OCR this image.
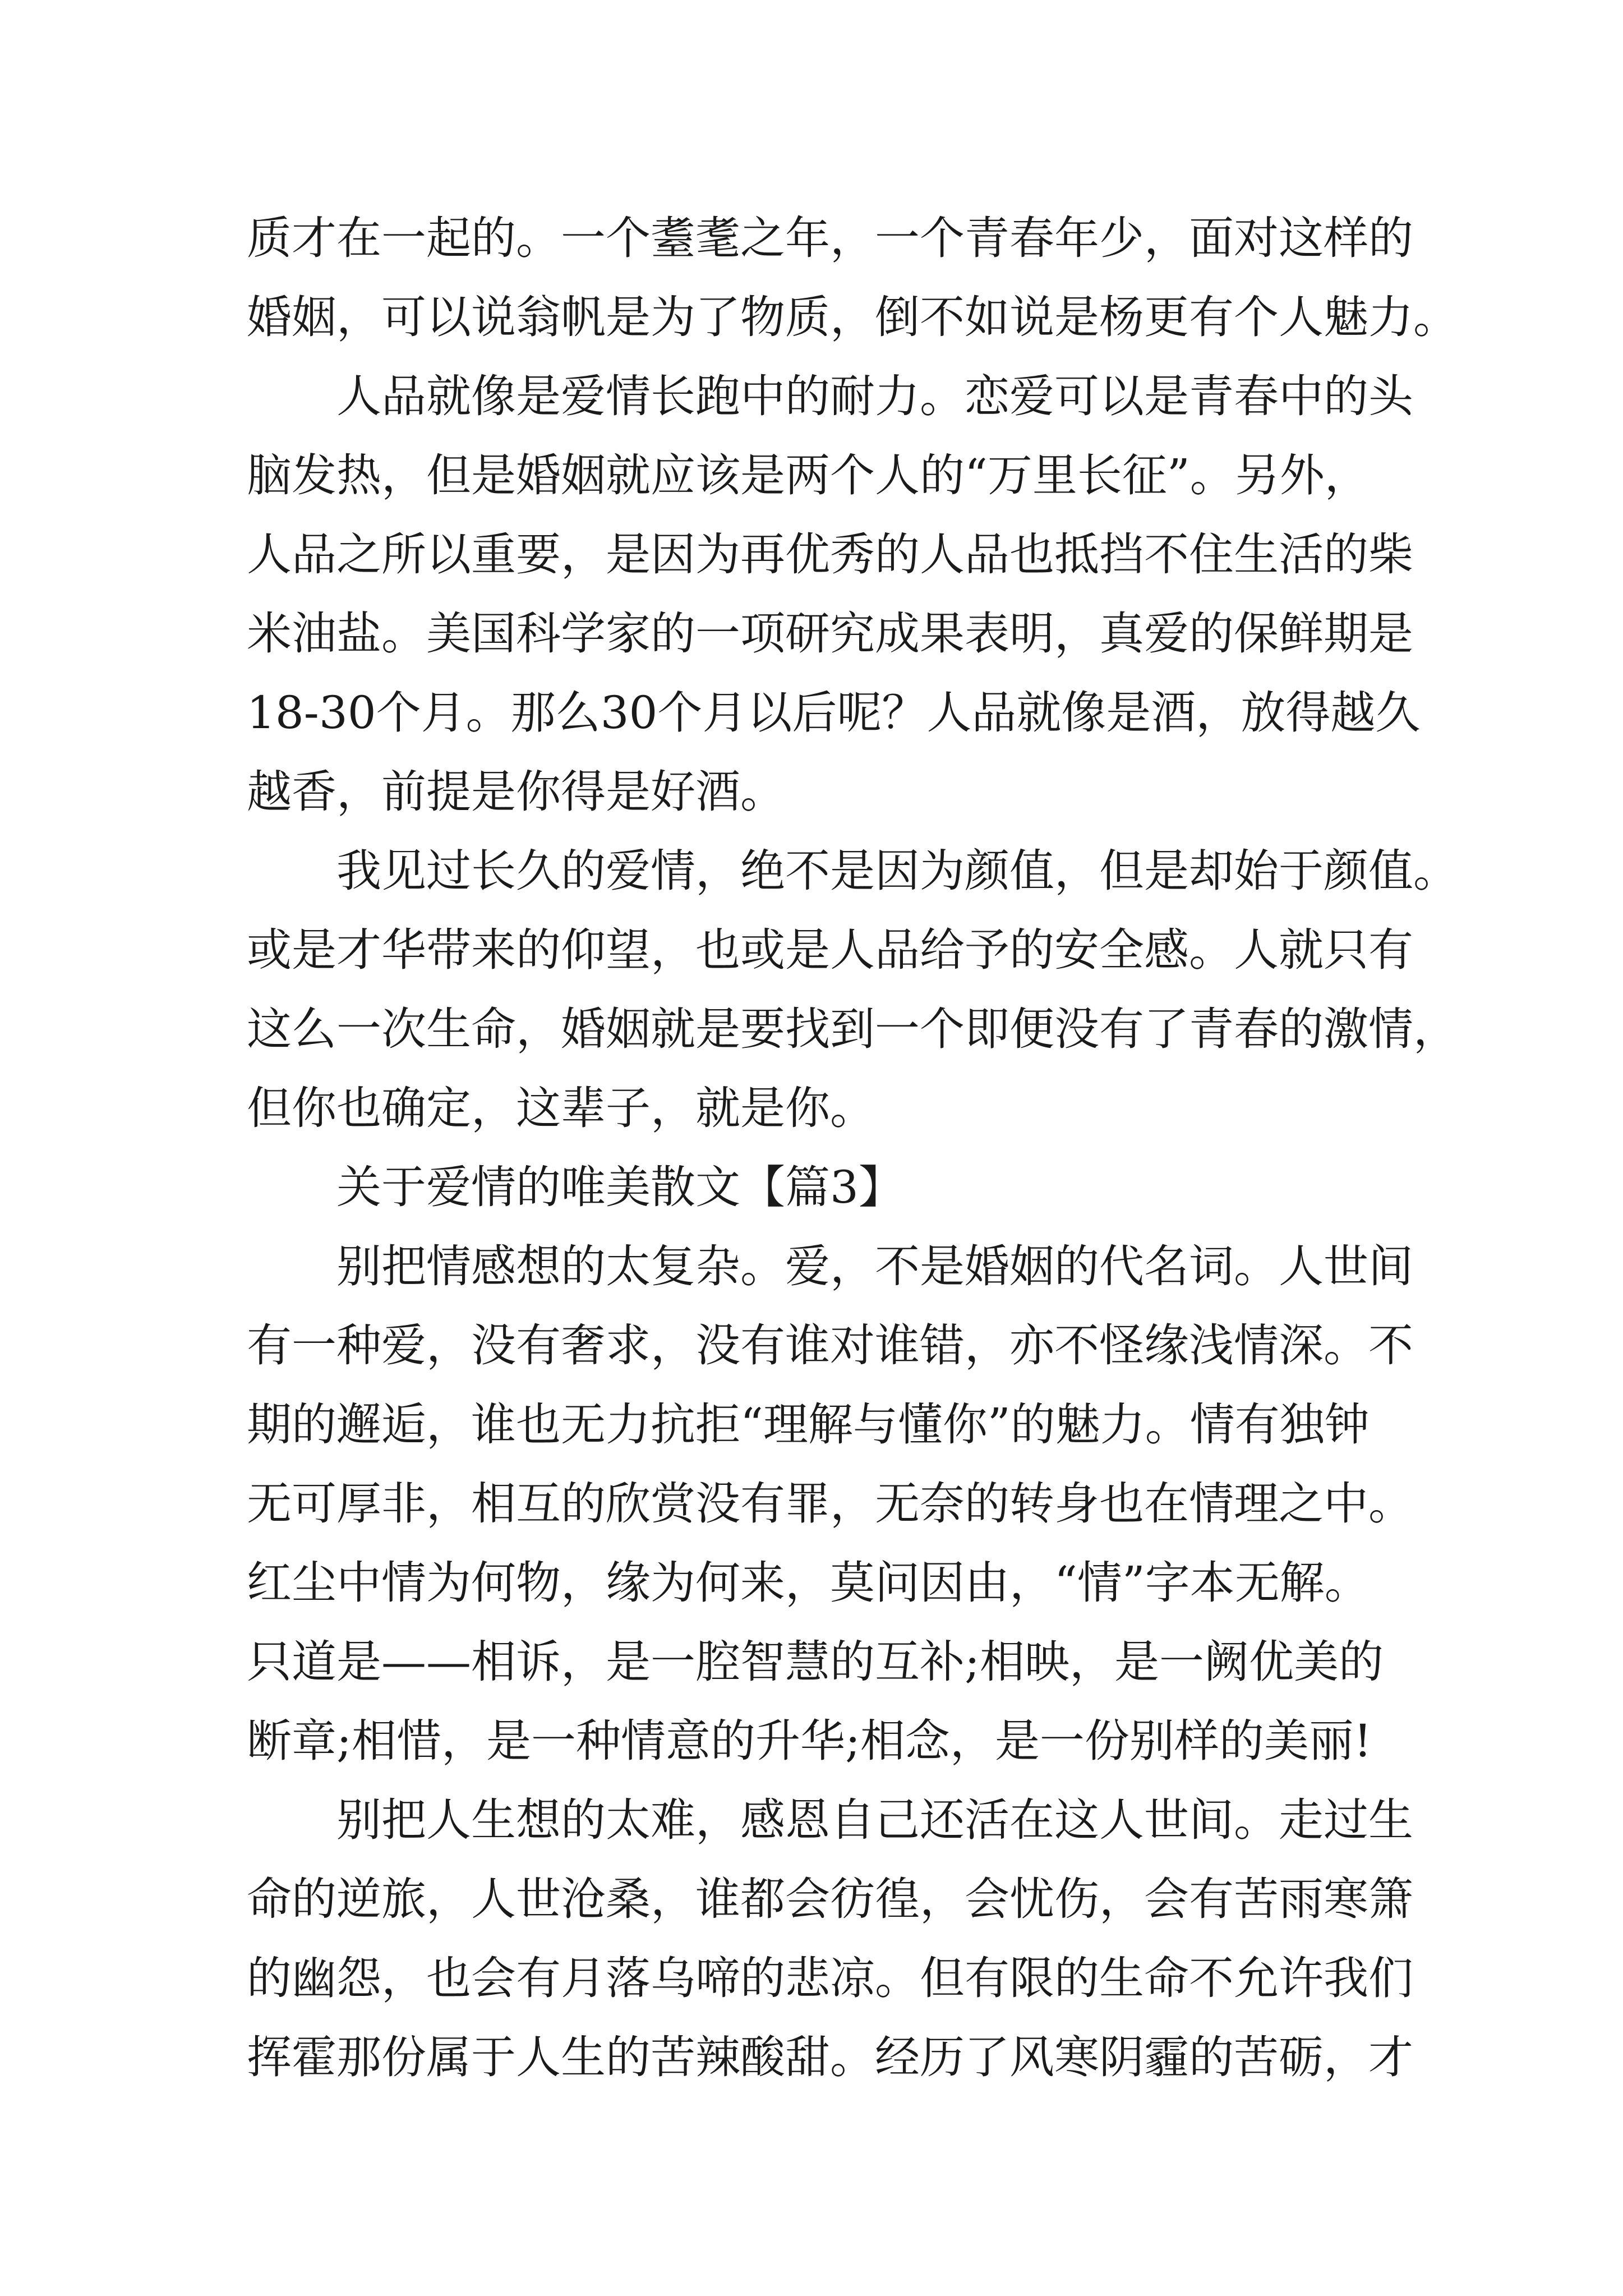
质才在一起的。一个耋耄之年，一个青春年少，面对这样的

婚姻，可以说翁帆是为了物质，倒不如说是杨更有个人魅力。

人品就像是爱情长跑中的耐力。恋爱可以是青春中的头

脑发热，但是婚姻就应该是两个人的“万里长征”。另外，

人品之所以重要，是因为再优秀的人品也抵挡不住生活的柴

米油盐。美国科学家的一项研究成果表明，真爱的保鲜期是

18-30个月。那么30个月以后呢？人品就像是酒，放得越久

越香，前提是你得是好酒。

我见过长久的爱情，绝不是因为颜值，但是却始于颜值。

或是才华带来的仰望，也或是人品给予的安全感。人就只有

这么一次生命，婚姻就是要找到一个即便没有了青春的激情，

但你也确定，这辈子，就是你。

关于爱情的唯美散文【篇3】

别把情感想的太复杂。爱，不是婚姻的代名词。人世间

有一种爱，没有奢求，没有谁对谁错，亦不怪缘浅情深。不

期的邂逅，谁也无力抗拒“理解与懂你”的魅力。情有独钟

无可厚非，相互的欣赏没有罪，无奈的转身也在情理之中。

红尘中情为何物，缘为何来，莫问因由，“情”字本无解。

只道是——相诉，是一腔智慧的互补;相映，是一阙优美的

断章;相惜，是一种情意的升华;相念，是一份别样的美丽!

别把人生想的太难，感恩自己还活在这人世间。走过生

命的逆旅，人世沧桑，谁都会彷徨，会忧伤，会有苦雨寒箫

的幽怨，也会有月落乌啼的悲凉。但有限的生命不允许我们

挥霍那份属于人生的苦辣酸甜。经历了风寒阴霾的苦砺，才
